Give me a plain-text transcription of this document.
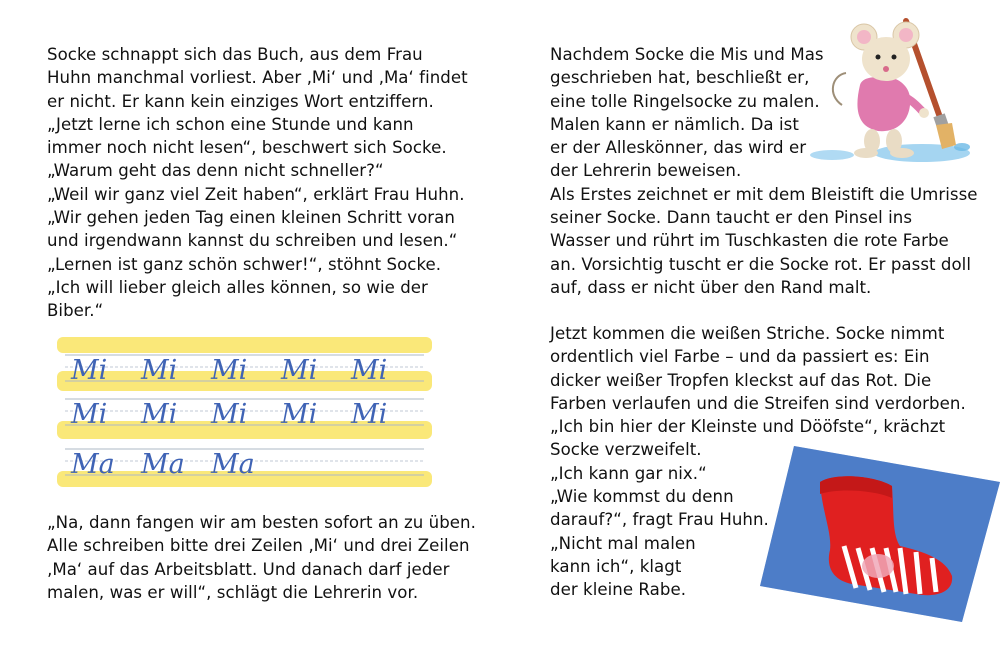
Socke schnappt sich das Buch, aus dem Frau
Huhn manchmal vorliest. Aber ‚Mi‘ und ‚Ma‘ findet
er nicht. Er kann kein einziges Wort entziffern.
„Jetzt lerne ich schon eine Stunde und kann
immer noch nicht lesen“, beschwert sich Socke.
„Warum geht das denn nicht schneller?“
„Weil wir ganz viel Zeit haben“, erklärt Frau Huhn.
„Wir gehen jeden Tag einen kleinen Schritt voran
und irgendwann kannst du schreiben und lesen.“
„Lernen ist ganz schön schwer!“, stöhnt Socke.
„Ich will lieber gleich alles können, so wie der
Biber.“

Mi Mi Mi Mi Mi
Mi Mi Mi Mi Mi
Ma Ma Ma

„Na, dann fangen wir am besten sofort an zu üben.
Alle schreiben bitte drei Zeilen ‚Mi‘ und drei Zeilen
‚Ma‘ auf das Arbeitsblatt. Und danach darf jeder
malen, was er will“, schlägt die Lehrerin vor.

Nachdem Socke die Mis und Mas
geschrieben hat, beschließt er,
eine tolle Ringelsocke zu malen.
Malen kann er nämlich. Da ist
er der Alleskönner, das wird er
der Lehrerin beweisen.
Als Erstes zeichnet er mit dem Bleistift die Umrisse
seiner Socke. Dann taucht er den Pinsel ins
Wasser und rührt im Tuschkasten die rote Farbe
an. Vorsichtig tuscht er die Socke rot. Er passt doll
auf, dass er nicht über den Rand malt.

Jetzt kommen die weißen Striche. Socke nimmt
ordentlich viel Farbe – und da passiert es: Ein
dicker weißer Tropfen kleckst auf das Rot. Die
Farben verlaufen und die Streifen sind verdorben.
„Ich bin hier der Kleinste und Dööfste“, krächzt
Socke verzweifelt.
„Ich kann gar nix.“
„Wie kommst du denn
darauf?“, fragt Frau Huhn.
„Nicht mal malen
kann ich“, klagt
der kleine Rabe.
